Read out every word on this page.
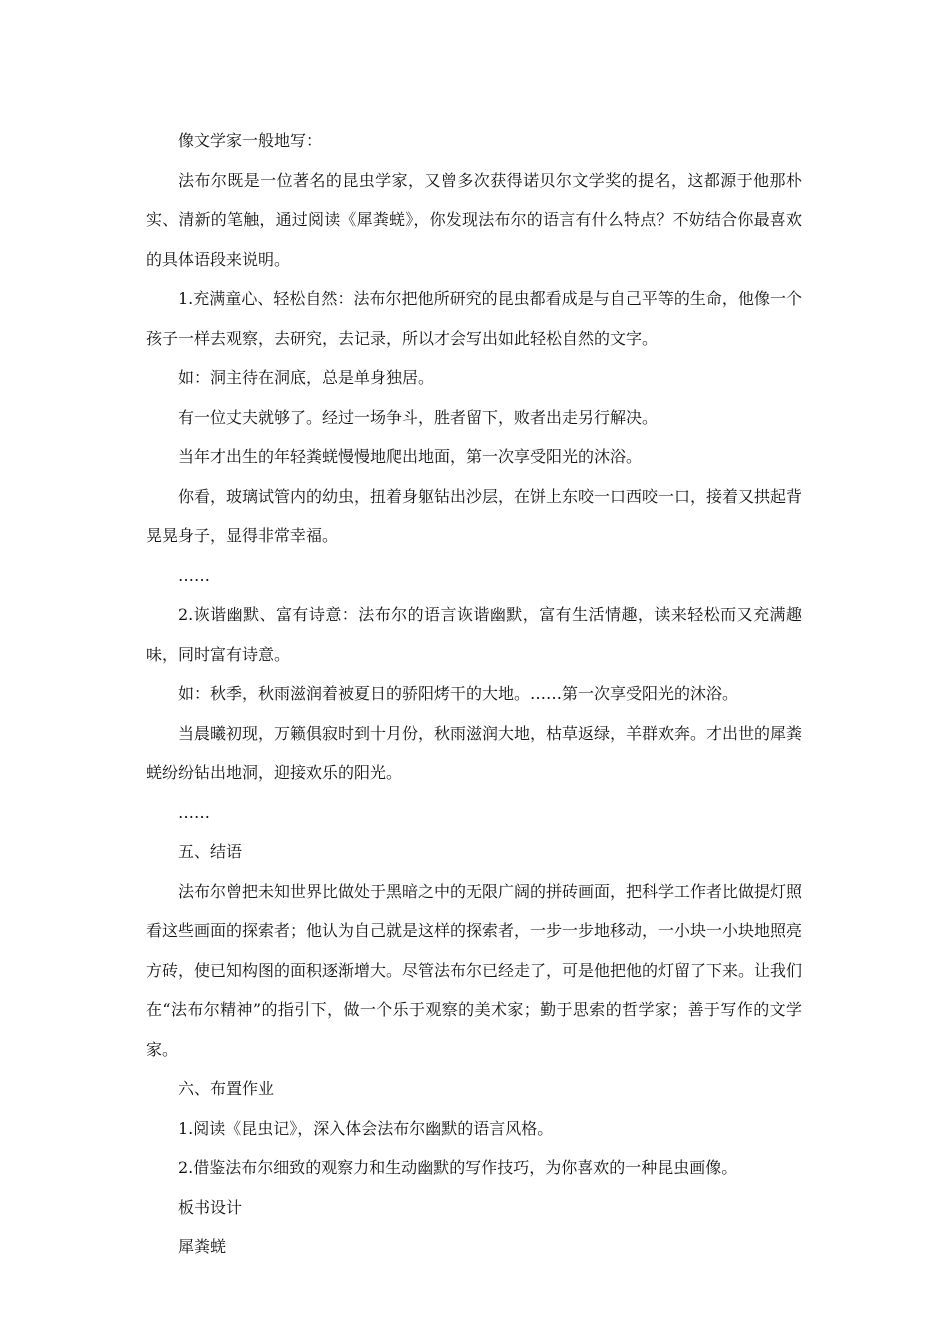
像文学家一般地写：

法布尔既是一位著名的昆虫学家，又曾多次获得诺贝尔文学奖的提名，这都源于他那朴实、清新的笔触，通过阅读《犀粪蜣》，你发现法布尔的语言有什么特点？不妨结合你最喜欢的具体语段来说明。

1.充满童心、轻松自然：法布尔把他所研究的昆虫都看成是与自己平等的生命，他像一个孩子一样去观察，去研究，去记录，所以才会写出如此轻松自然的文字。

如：洞主待在洞底，总是单身独居。

有一位丈夫就够了。经过一场争斗，胜者留下，败者出走另行解决。

当年才出生的年轻粪蜣慢慢地爬出地面，第一次享受阳光的沐浴。

你看，玻璃试管内的幼虫，扭着身躯钻出沙层，在饼上东咬一口西咬一口，接着又拱起背晃晃身子，显得非常幸福。

……

2.诙谐幽默、富有诗意：法布尔的语言诙谐幽默，富有生活情趣，读来轻松而又充满趣味，同时富有诗意。

如：秋季，秋雨滋润着被夏日的骄阳烤干的大地。……第一次享受阳光的沐浴。

当晨曦初现，万籁俱寂时到十月份，秋雨滋润大地，枯草返绿，羊群欢奔。才出世的犀粪蜣纷纷钻出地洞，迎接欢乐的阳光。

……

五、结语

法布尔曾把未知世界比做处于黑暗之中的无限广阔的拼砖画面，把科学工作者比做提灯照看这些画面的探索者；他认为自己就是这样的探索者，一步一步地移动，一小块一小块地照亮方砖，使已知构图的面积逐渐增大。尽管法布尔已经走了，可是他把他的灯留了下来。让我们在“法布尔精神”的指引下，做一个乐于观察的美术家；勤于思索的哲学家；善于写作的文学家。

六、布置作业

1.阅读《昆虫记》，深入体会法布尔幽默的语言风格。

2.借鉴法布尔细致的观察力和生动幽默的写作技巧，为你喜欢的一种昆虫画像。

板书设计

犀粪蜣
